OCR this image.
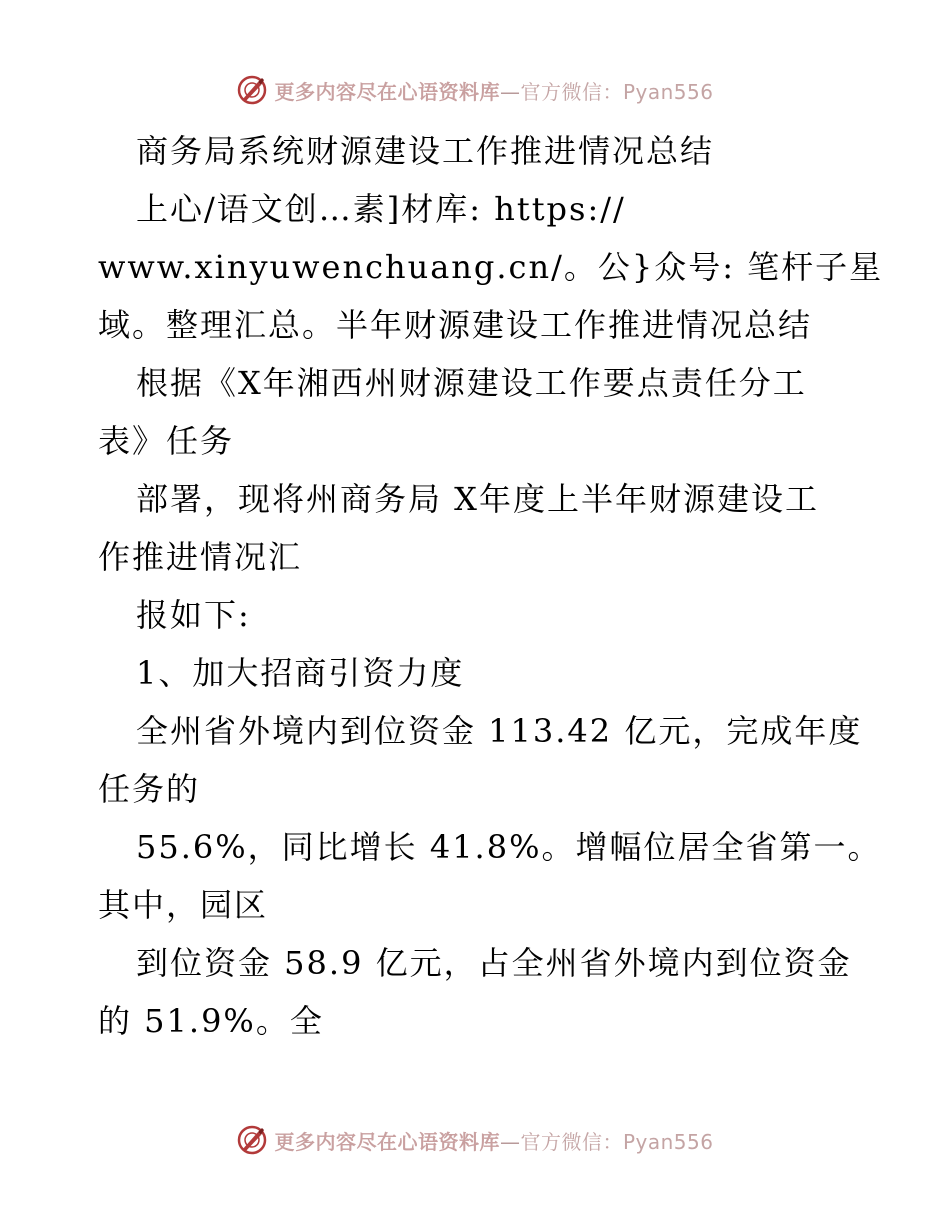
更多内容尽在心语资料库—官方微信：Pyan556
商务局系统财源建设工作推进情况总结
上心/语文创…素]材库: https://
www.xinyuwenchuang.cn/。公}众号: 笔杆子星
域。整理汇总。半年财源建设工作推进情况总结
根据《X年湘西州财源建设工作要点责任分工
表》任务
部署，现将州商务局 X年度上半年财源建设工
作推进情况汇
报如下:
1、加大招商引资力度
全州省外境内到位资金 113.42 亿元，完成年度
任务的
55.6%，同比增长 41.8%。增幅位居全省第一。
其中，园区
到位资金 58.9 亿元，占全州省外境内到位资金
的 51.9%。全
更多内容尽在心语资料库—官方微信：Pyan556
